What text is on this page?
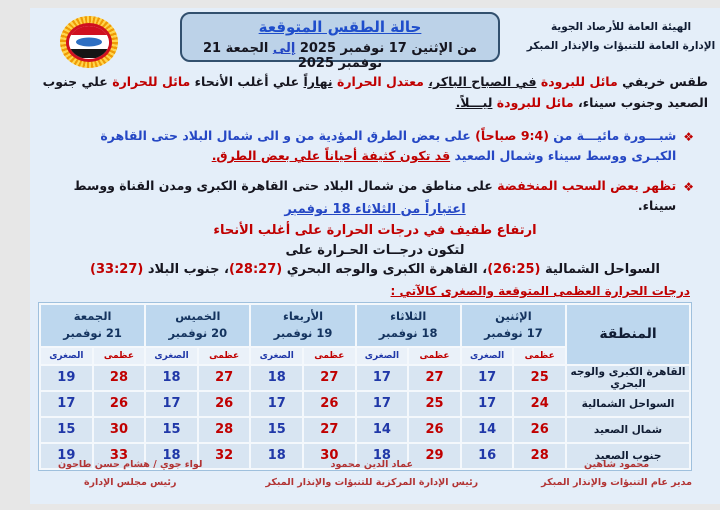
الهيئة العامة للأرصاد الجوية
الإدارة العامة للتنبؤات والإنذار المبكر
حالة الطقس المتوقعة
من الإثنين 17 نوفمبر 2025 إلى الجمعة 21 نوفمبر 2025
طقس خريفي مائل للبرودة في الصباح الباكر، معتدل الحرارة نهاراً علي أغلب الأنحاء مائل للحرارة علي جنوب الصعيد وجنوب سيناء، مائل للبرودة ليـــلاً.
❖
شبـــورة مائيـــة من (9:4 صباحاً) على بعض الطرق المؤدية من و الى شمال البلاد حتى القاهرة الكبـرى ووسط سيناء وشمال الصعيد قد تكون كثيفة أحياناً علي بعض الطرق.
❖
تظهر بعض السحب المنخفضة على مناطق من شمال البلاد حتى القاهرة الكبرى ومدن القناة ووسط سيناء.
اعتباراً من الثلاثاء 18 نوفمبر
ارتفاع طفيف في درجات الحرارة على أغلب الأنحاء
لتكون درجــات الحـرارة على
السواحل الشمالية (26:25)، القاهرة الكبرى والوجه البحري (28:27)، جنوب البلاد (33:27)
درجات الحرارة العظمى المتوقعة والصغرى كالآتي :
المنطقة	
الإثنين
17 نوفمبر

الثلاثاء
18 نوفمبر

الأربعاء
19 نوفمبر

الخميس
20 نوفمبر

الجمعة
21 نوفمبر

	عظمى	الصغرى	عظمى	الصغرى	عظمى	الصغرى	عظمى	الصغرى	عظمى	الصغرى
القاهرة الكبرى والوجه البحري	25	17	27	17	27	18	27	18	28	19
السواحل الشمالية	24	17	25	17	26	17	26	17	26	17
شمال الصعيد	26	14	26	14	27	15	28	15	30	15
جنوب الصعيد	28	16	29	18	30	18	32	18	33	19
محمود شاهين
مدير عام التنبؤات والإنذار المبكر
عماد الدين محمود
رئيس الإدارة المركزية للتنبؤات والإنذار المبكر
لواء جوي / هشام حسن طاحون
رئيس مجلس الإدارة
